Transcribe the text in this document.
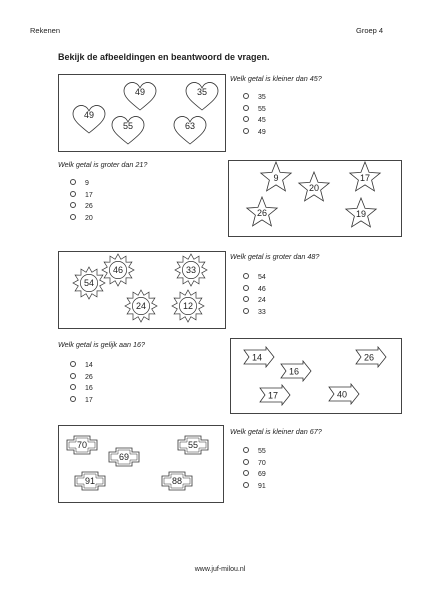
Rekenen	Groep 4
Bekijk de afbeeldingen en beantwoord de vragen.
49	35
49
55	63
Welk getal is kleiner dan 45?
35
55
45
49
Welk getal is groter dan 21?
9
17
26
20
9
20
17
26	19
46	33
54
24	12
Welk getal is groter dan 48?
54
46
24
33
Welk getal is gelijk aan 16?
14
26
16
17
14	26
16
17	40
70	55
69
91	88
Welk getal is kleiner dan 67?
55
70
69
91
www.juf-milou.nl
